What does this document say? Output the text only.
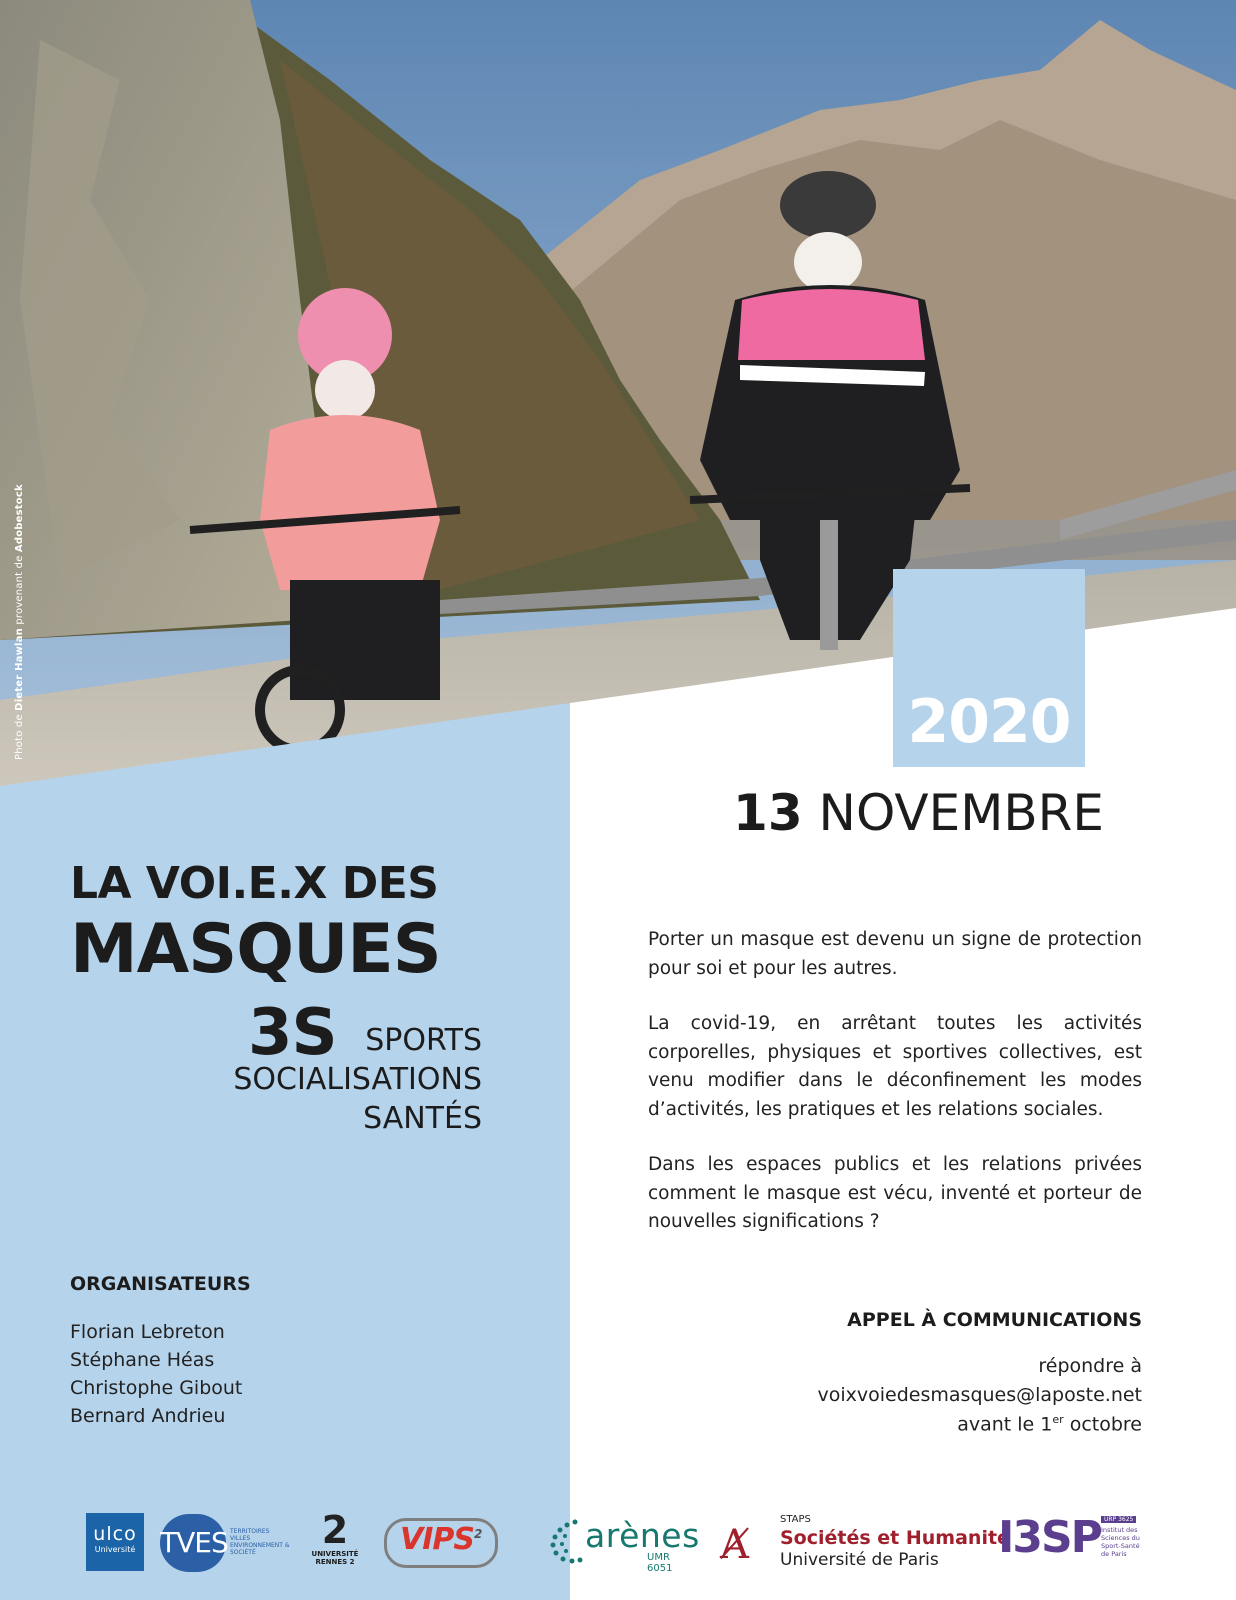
Photo de Dieter Hawlan provenant de Adobestock
2020
13 NOVEMBRE
LA VOI.E.X DES
MASQUES
3S SPORTS
SOCIALISATIONS
SANTÉS
ORGANISATEURS
Florian Lebreton
Stéphane Héas
Christophe Gibout
Bernard Andrieu

Porter un masque est devenu un signe de protection pour soi et pour les autres.

La covid-19, en arrêtant toutes les activités corporelles, physiques et sportives collectives, est venu modifier dans le déconfinement les modes d’activités, les pratiques et les relations sociales.

Dans les espaces publics et les relations privées comment le masque est vécu, inventé et porteur de nouvelles significations ?

APPEL À COMMUNICATIONS
répondre à
voixvoiedesmasques@laposte.net
avant le 1er octobre
ulco
Université TVES TERRITOIRES VILLES ENVIRONNEMENT & SOCIÉTÉ
2
UNIVERSITÉ RENNES 2
VIPS$^2$	arènes
UMR 6051
Ⱥ
STAPS
Sociétés et Humanité
Université de Paris I3SP URP 3625
Institut des Sciences du Sport-Santé de Paris
